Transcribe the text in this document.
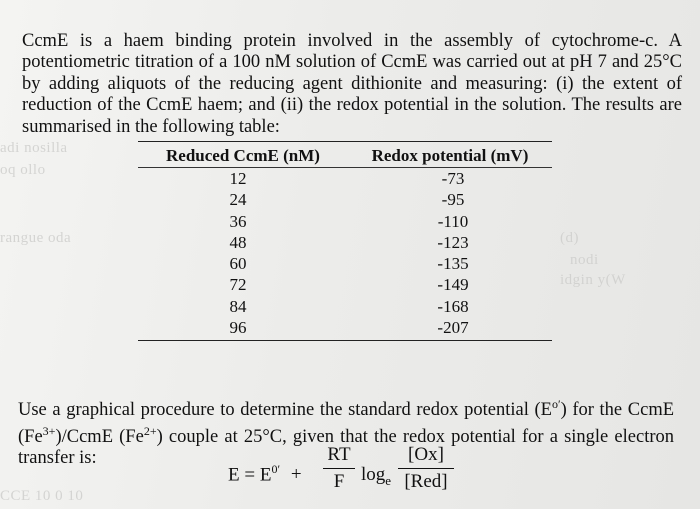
adi nosilla
oq ollo
rangue oda	(d)
nodi
idgin y(W
CCE 10 0 10

CcmE is a haem binding protein involved in the assembly of cytochrome-c. A potentiometric titration of a 100 nM solution of CcmE was carried out at pH 7 and 25°C by adding aliquots of the reducing agent dithionite and measuring: (i) the extent of reduction of the CcmE haem; and (ii) the redox potential in the solution. The results are summarised in the following table:

Reduced CcmE (nM)	Redox potential (mV)
12	-73
24	-95
36	-110
48	-123
60	-135
72	-149
84	-168
96	-207

Use a graphical procedure to determine the standard redox potential $(E^{o'})$ for the CcmE $(Fe^{3+})$/CcmE $(Fe^{2+})$ couple at 25°C, given that the redox potential for a single electron transfer is:

$E = E^{0'} + \frac{RT}{F} \log_e$
[Ox]
[Red]
